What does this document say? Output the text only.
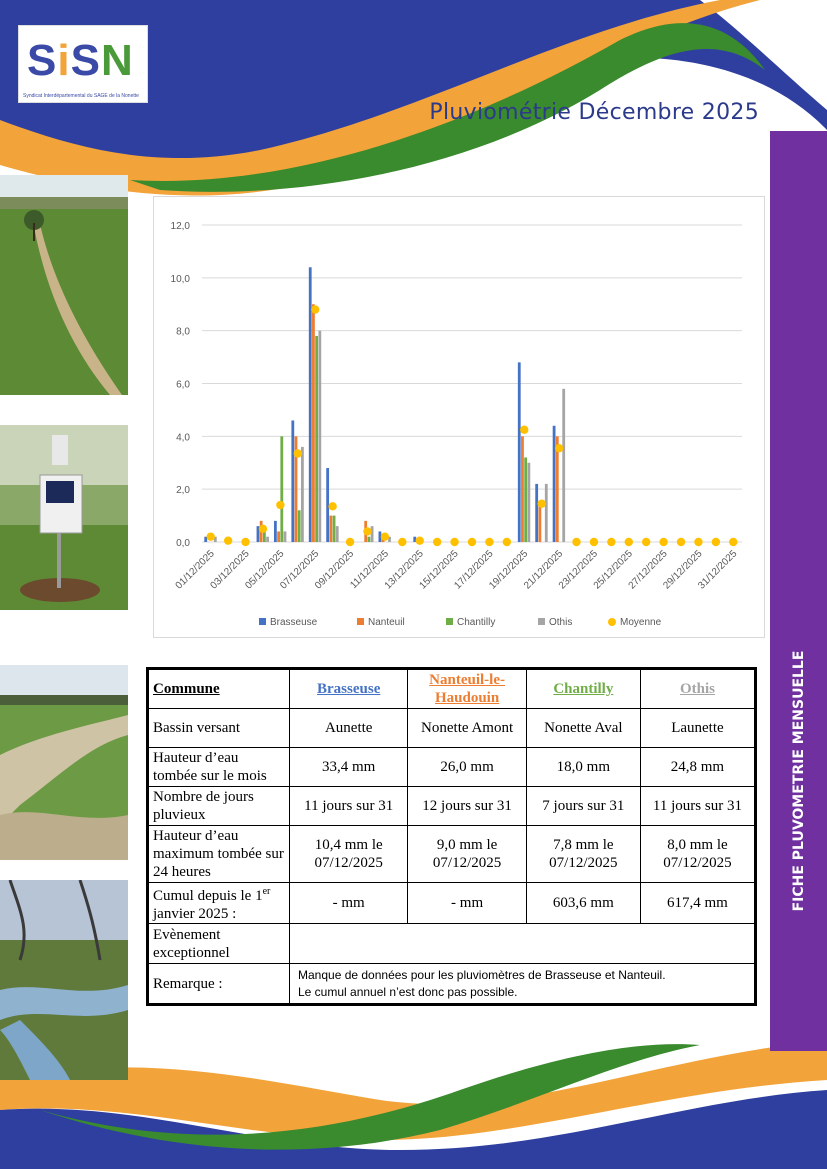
SiSN
Syndicat Interdépartemental du SAGE de la Nonette
Pluviométrie Décembre 2025
FICHE PLUVOMETRIE MENSUELLE
0,0
2,0
4,0
6,0
8,0
10,0
12,0
01/12/2025
03/12/2025
05/12/2025
07/12/2025
09/12/2025
11/12/2025
13/12/2025
15/12/2025
17/12/2025
19/12/2025
21/12/2025
23/12/2025
25/12/2025
27/12/2025
29/12/2025
31/12/2025
Brasseuse	Nanteuil	Chantilly	Othis	Moyenne
Commune	Brasseuse	Nanteuil-le-Haudouin	Chantilly	Othis
Bassin versant	Aunette	Nonette Amont	Nonette Aval	Launette
Hauteur d’eau tombée sur le mois	33,4 mm	26,0 mm	18,0 mm	24,8 mm
Nombre de jours pluvieux	11 jours sur 31	12 jours sur 31	7 jours sur 31	11 jours sur 31
Hauteur d’eau maximum tombée sur 24 heures	10,4 mm le 07/12/2025	9,0 mm le 07/12/2025	7,8 mm le 07/12/2025	8,0 mm le 07/12/2025
Cumul depuis le 1er janvier 2025 :	- mm	- mm	603,6 mm	617,4 mm
Evènement exceptionnel				
Remarque :	Manque de données pour les pluviomètres de Brasseuse et Nanteuil.
Le cumul annuel n’est donc pas possible.			
